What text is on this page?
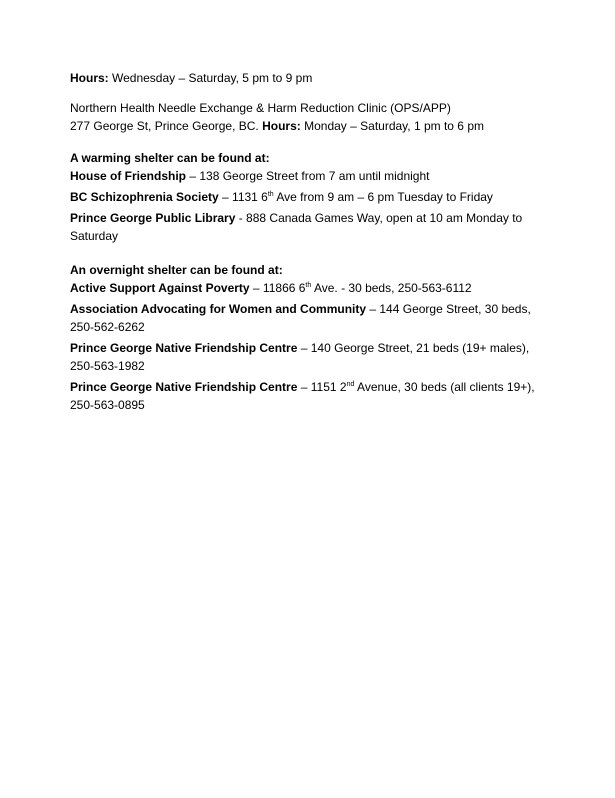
Hours: Wednesday – Saturday, 5 pm to 9 pm

Northern Health Needle Exchange & Harm Reduction Clinic (OPS/APP)

277 George St, Prince George, BC. Hours: Monday – Saturday, 1 pm to 6 pm

A warming shelter can be found at:

House of Friendship – 138 George Street from 7 am until midnight

BC Schizophrenia Society – 1131 6th Ave from 9 am – 6 pm Tuesday to Friday

Prince George Public Library - 888 Canada Games Way, open at 10 am Monday to Saturday

An overnight shelter can be found at:

Active Support Against Poverty – 11866 6th Ave. - 30 beds, 250-563-6112

Association Advocating for Women and Community – 144 George Street, 30 beds, 250-562-6262

Prince George Native Friendship Centre – 140 George Street, 21 beds (19+ males), 250-563-1982

Prince George Native Friendship Centre – 1151 2nd Avenue, 30 beds (all clients 19+), 250-563-0895
